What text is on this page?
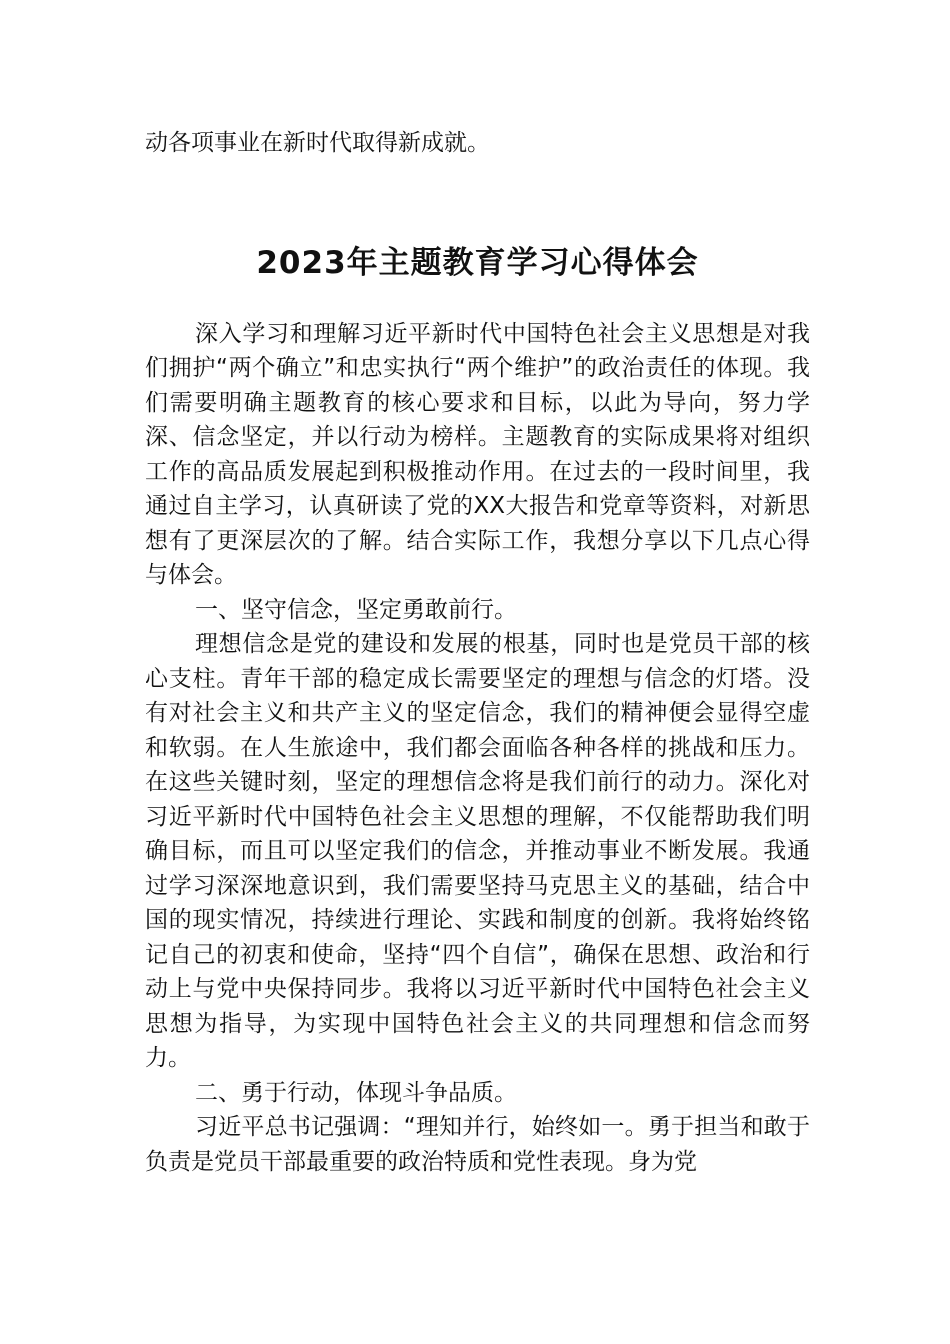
动各项事业在新时代取得新成就。

2023年主题教育学习心得体会

深入学习和理解习近平新时代中国特色社会主义思想是对我们拥护“两个确立”和忠实执行“两个维护”的政治责任的体现。我们需要明确主题教育的核心要求和目标，以此为导向，努力学深、信念坚定，并以行动为榜样。主题教育的实际成果将对组织工作的高品质发展起到积极推动作用。在过去的一段时间里，我通过自主学习，认真研读了党的XX大报告和党章等资料，对新思想有了更深层次的了解。结合实际工作，我想分享以下几点心得与体会。

一、坚守信念，坚定勇敢前行。

理想信念是党的建设和发展的根基，同时也是党员干部的核心支柱。青年干部的稳定成长需要坚定的理想与信念的灯塔。没有对社会主义和共产主义的坚定信念，我们的精神便会显得空虚和软弱。在人生旅途中，我们都会面临各种各样的挑战和压力。在这些关键时刻，坚定的理想信念将是我们前行的动力。深化对习近平新时代中国特色社会主义思想的理解，不仅能帮助我们明确目标，而且可以坚定我们的信念，并推动事业不断发展。我通过学习深深地意识到，我们需要坚持马克思主义的基础，结合中国的现实情况，持续进行理论、实践和制度的创新。我将始终铭记自己的初衷和使命，坚持“四个自信”，确保在思想、政治和行动上与党中央保持同步。我将以习近平新时代中国特色社会主义思想为指导，为实现中国特色社会主义的共同理想和信念而努力。

二、勇于行动，体现斗争品质。

习近平总书记强调：“理知并行，始终如一。勇于担当和敢于负责是党员干部最重要的政治特质和党性表现。身为党
